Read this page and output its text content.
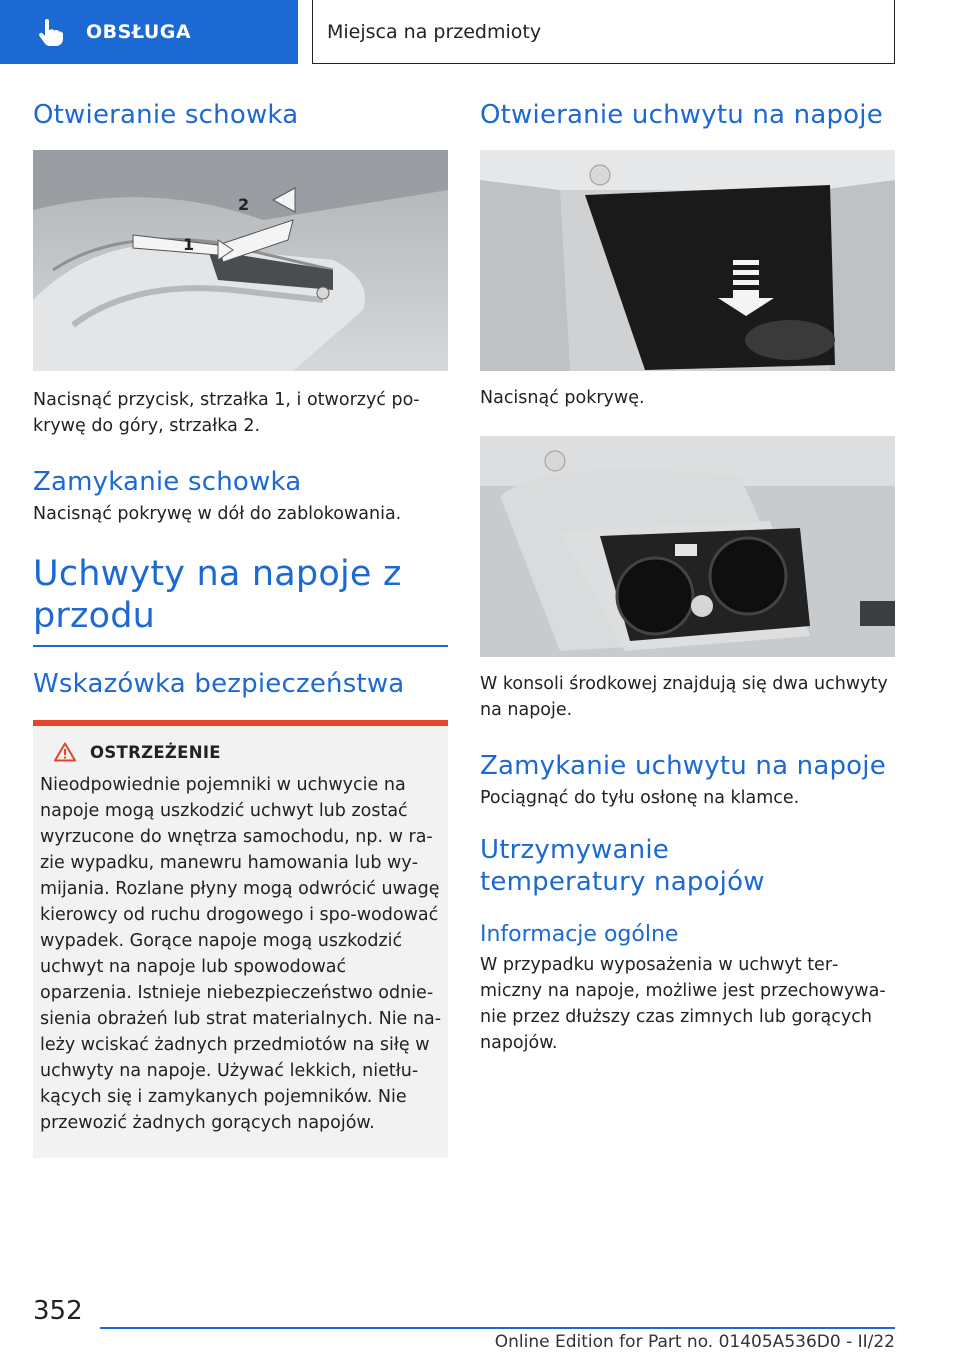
OBSŁUGA	Miejsca na przedmioty
Otwieranie schowka
1
2

Nacisnąć przycisk, strzałka 1, i otworzyć po‐
krywę do góry, strzałka 2.

Zamykanie schowka

Nacisnąć pokrywę w dół do zablokowania.

Uchwyty na napoje z przodu
Wskazówka bezpieczeństwa
OSTRZEŻENIE

Nieodpowiednie pojemniki w uchwycie na napoje mogą uszkodzić uchwyt lub zostać wyrzucone do wnętrza samochodu, np. w ra‐zie wypadku, manewru hamowania lub wy‐mijania. Rozlane płyny mogą odwrócić uwagę kierowcy od ruchu drogowego i spo‐wodować wypadek. Gorące napoje mogą uszkodzić uchwyt na napoje lub spowodować oparzenia. Istnieje niebezpieczeństwo odnie‐sienia obrażeń lub strat materialnych. Nie na‐leży wciskać żadnych przedmiotów na siłę w uchwyty na napoje. Używać lekkich, nietłu‐kących się i zamykanych pojemników. Nie przewozić żadnych gorących napojów.

Otwieranie uchwytu na napoje

Nacisnąć pokrywę.

W konsoli środkowej znajdują się dwa uchwyty na napoje.

Zamykanie uchwytu na napoje

Pociągnąć do tyłu osłonę na klamce.

Utrzymywanie temperatury napojów
Informacje ogólne

W przypadku wyposażenia w uchwyt ter‐miczny na napoje, możliwe jest przechowywa‐nie przez dłuższy czas zimnych lub gorących napojów.

352
Online Edition for Part no. 01405A536D0 - II/22
